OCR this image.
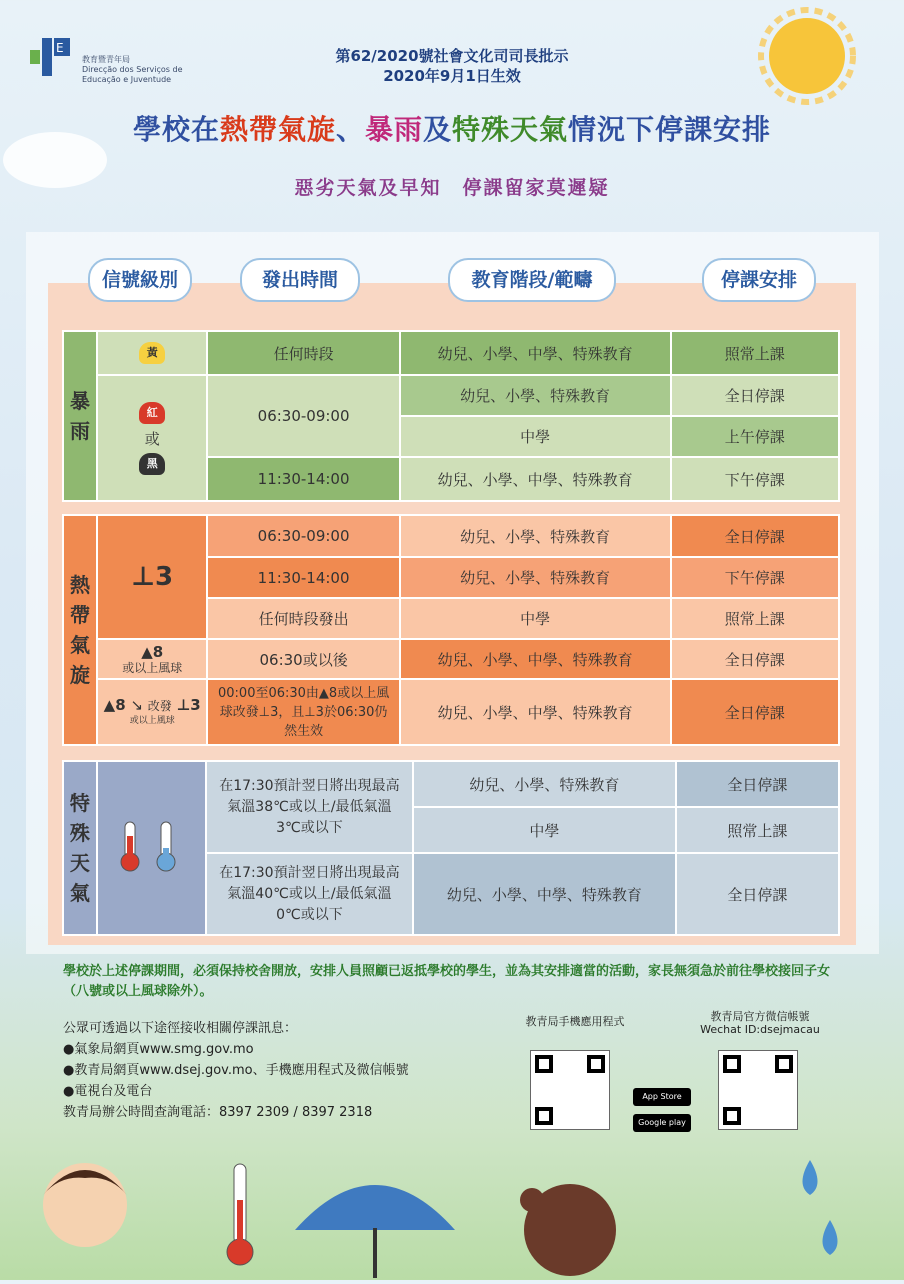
E
教育暨青年局
Direcção dos Serviços de
Educação e Juventude
第62/2020號社會文化司司長批示
2020年9月1日生效
學校在熱帶氣旋、暴雨及特殊天氣情況下停課安排
惡劣天氣及早知　停課留家莫遲疑
信號級別	發出時間	教育階段/範疇	停課安排
暴雨	黃	任何時段	幼兒、小學、中學、特殊教育	照常上課

	紅
或
黑	06:30-09:00	幼兒、小學、特殊教育	全日停課
			中學	上午停課
		11:30-14:00	幼兒、小學、中學、特殊教育	下午停課
熱帶氣旋	⊥3	06:30-09:00	幼兒、小學、特殊教育	全日停課
		11:30-14:00	幼兒、小學、特殊教育	下午停課
		任何時段發出	中學	照常上課

	▲8
或以上風球	06:30或以後	幼兒、小學、中學、特殊教育	全日停課
	▲8 ↘ 改發 ⊥3
或以上風球	00:00至06:30由▲8或以上風球改發⊥3，且⊥3於06:30仍然生效	幼兒、小學、中學、特殊教育	全日停課
特殊天氣		在17:30預計翌日將出現最高氣溫38℃或以上/最低氣溫3℃或以下	幼兒、小學、特殊教育	全日停課
			中學	照常上課
		在17:30預計翌日將出現最高氣溫40℃或以上/最低氣溫0℃或以下	幼兒、小學、中學、特殊教育	全日停課
學校於上述停課期間，必須保持校舍開放，安排人員照顧已返抵學校的學生，並為其安排適當的活動，家長無須急於前往學校接回子女（八號或以上風球除外）。
公眾可透過以下途徑接收相關停課訊息：
●氣象局網頁www.smg.gov.mo
●教青局網頁www.dsej.gov.mo、手機應用程式及微信帳號
●電視台及電台
教青局辦公時間查詢電話：8397 2309 / 8397 2318
教青局手機應用程式	教青局官方微信帳號
Wechat ID:dsejmacau
App Store
Google play
